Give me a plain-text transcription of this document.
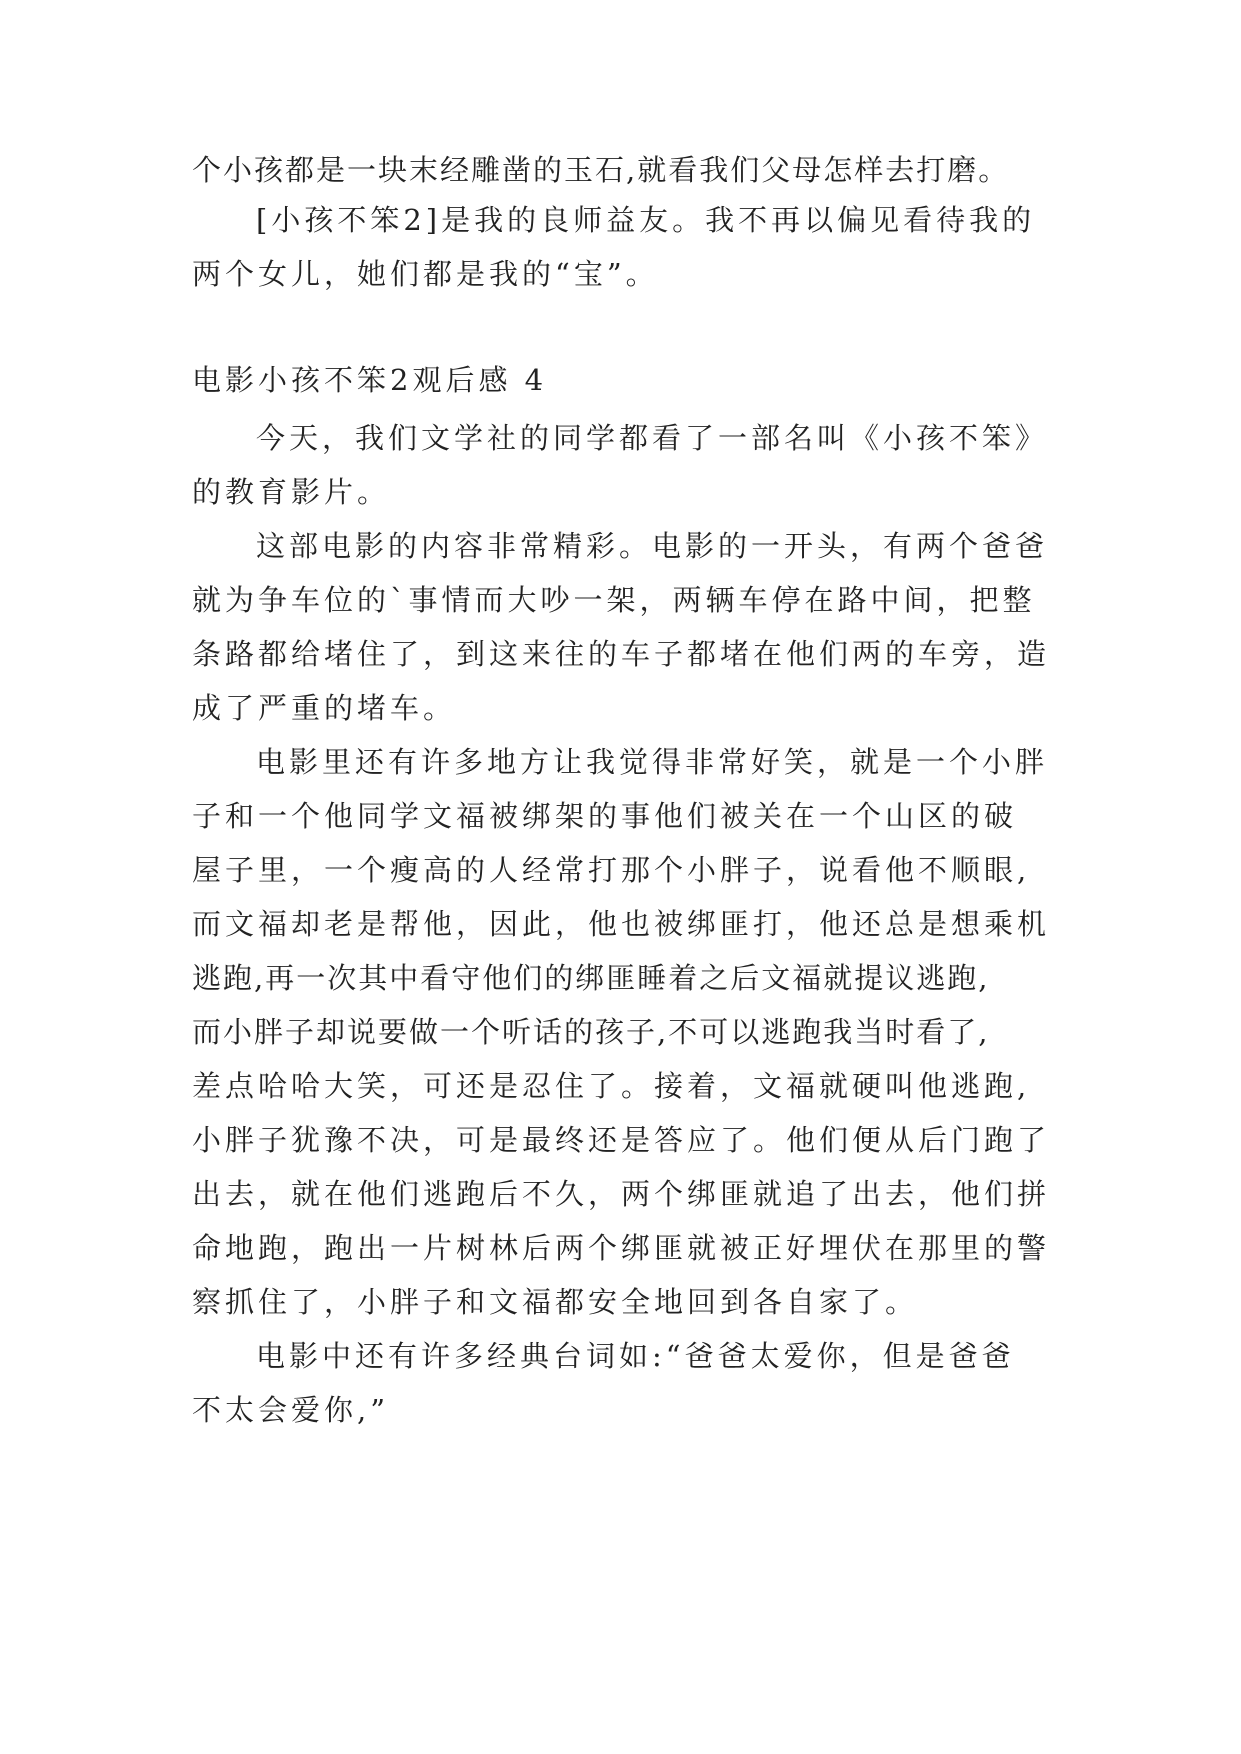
个小孩都是一块末经雕凿的玉石,就看我们父母怎样去打磨。
[小孩不笨2]是我的良师益友。我不再以偏见看待我的
两个女儿，她们都是我的“宝”。
电影小孩不笨2观后感 4
今天，我们文学社的同学都看了一部名叫《小孩不笨》
的教育影片。
这部电影的内容非常精彩。电影的一开头，有两个爸爸
就为争车位的`事情而大吵一架，两辆车停在路中间，把整
条路都给堵住了，到这来往的车子都堵在他们两的车旁，造
成了严重的堵车。
电影里还有许多地方让我觉得非常好笑，就是一个小胖
子和一个他同学文福被绑架的事他们被关在一个山区的破
屋子里，一个瘦高的人经常打那个小胖子，说看他不顺眼,
而文福却老是帮他，因此，他也被绑匪打，他还总是想乘机
逃跑,再一次其中看守他们的绑匪睡着之后文福就提议逃跑,
而小胖子却说要做一个听话的孩子,不可以逃跑我当时看了,
差点哈哈大笑，可还是忍住了。接着，文福就硬叫他逃跑,
小胖子犹豫不决，可是最终还是答应了。他们便从后门跑了
出去，就在他们逃跑后不久，两个绑匪就追了出去，他们拼
命地跑，跑出一片树林后两个绑匪就被正好埋伏在那里的警
察抓住了，小胖子和文福都安全地回到各自家了。
电影中还有许多经典台词如:“爸爸太爱你，但是爸爸
不太会爱你,”
